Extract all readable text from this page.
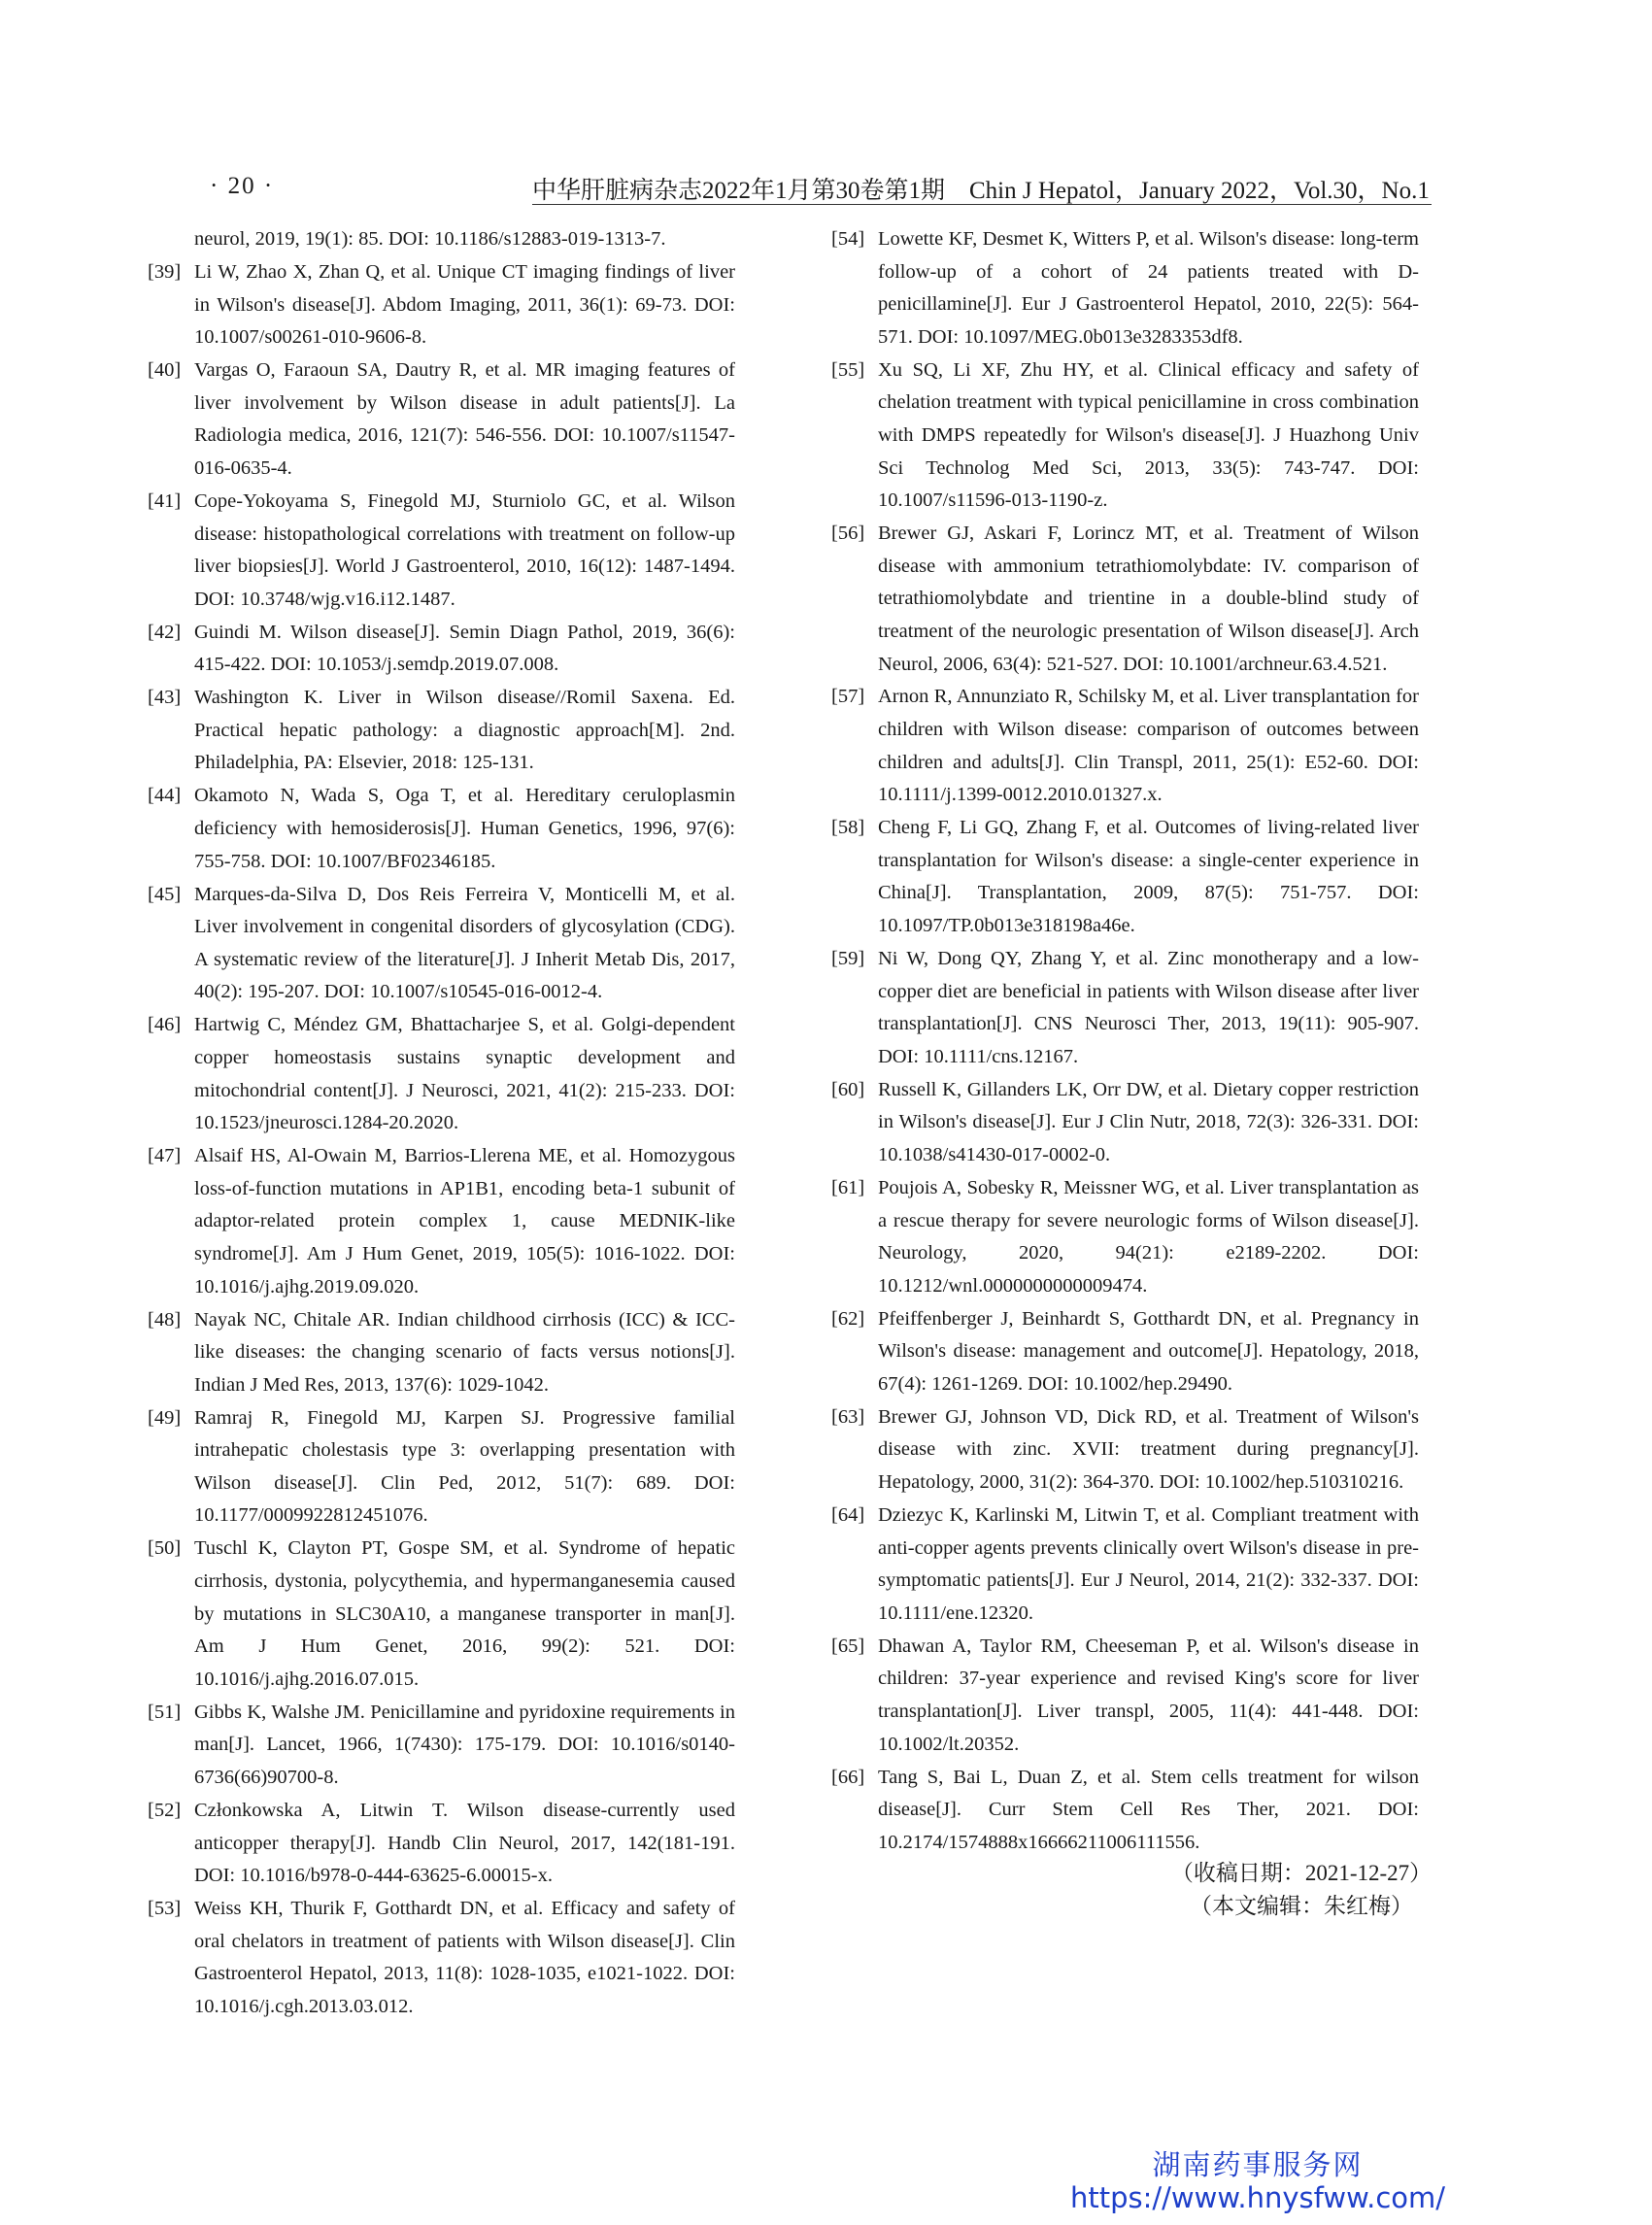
· 20 ·	中华肝脏病杂志2022年1月第30卷第1期　Chin J Hepatol，January 2022，Vol.30，No.1
neurol, 2019, 19(1): 85. DOI: 10.1186/s12883-019-1313-7.
[39] Li W, Zhao X, Zhan Q, et al. Unique CT imaging findings of liver in Wilson's disease[J]. Abdom Imaging, 2011, 36(1): 69-73. DOI: 10.1007/s00261-010-9606-8.
[40] Vargas O, Faraoun SA, Dautry R, et al. MR imaging features of liver involvement by Wilson disease in adult patients[J]. La Radiologia medica, 2016, 121(7): 546-556. DOI: 10.1007/s11547-016-0635-4.
[41] Cope-Yokoyama S, Finegold MJ, Sturniolo GC, et al. Wilson disease: histopathological correlations with treatment on follow-up liver biopsies[J]. World J Gastroenterol, 2010, 16(12): 1487-1494. DOI: 10.3748/wjg.v16.i12.1487.
[42] Guindi M. Wilson disease[J]. Semin Diagn Pathol, 2019, 36(6): 415-422. DOI: 10.1053/j.semdp.2019.07.008.
[43] Washington K. Liver in Wilson disease//Romil Saxena. Ed. Practical hepatic pathology: a diagnostic approach[M]. 2nd. Philadelphia, PA: Elsevier, 2018: 125-131.
[44] Okamoto N, Wada S, Oga T, et al. Hereditary ceruloplasmin deficiency with hemosiderosis[J]. Human Genetics, 1996, 97(6): 755-758. DOI: 10.1007/BF02346185.
[45] Marques-da-Silva D, Dos Reis Ferreira V, Monticelli M, et al. Liver involvement in congenital disorders of glycosylation (CDG). A systematic review of the literature[J]. J Inherit Metab Dis, 2017, 40(2): 195-207. DOI: 10.1007/s10545-016-0012-4.
[46] Hartwig C, Méndez GM, Bhattacharjee S, et al. Golgi-dependent copper homeostasis sustains synaptic development and mitochondrial content[J]. J Neurosci, 2021, 41(2): 215-233. DOI: 10.1523/jneurosci.1284-20.2020.
[47] Alsaif HS, Al-Owain M, Barrios-Llerena ME, et al. Homozygous loss-of-function mutations in AP1B1, encoding beta-1 subunit of adaptor-related protein complex 1, cause MEDNIK-like syndrome[J]. Am J Hum Genet, 2019, 105(5): 1016-1022. DOI: 10.1016/j.ajhg.2019.09.020.
[48] Nayak NC, Chitale AR. Indian childhood cirrhosis (ICC) & ICC-like diseases: the changing scenario of facts versus notions[J]. Indian J Med Res, 2013, 137(6): 1029-1042.
[49] Ramraj R, Finegold MJ, Karpen SJ. Progressive familial intrahepatic cholestasis type 3: overlapping presentation with Wilson disease[J]. Clin Ped, 2012, 51(7): 689. DOI: 10.1177/0009922812451076.
[50] Tuschl K, Clayton PT, Gospe SM, et al. Syndrome of hepatic cirrhosis, dystonia, polycythemia, and hypermanganesemia caused by mutations in SLC30A10, a manganese transporter in man[J]. Am J Hum Genet, 2016, 99(2): 521. DOI: 10.1016/j.ajhg.2016.07.015.
[51] Gibbs K, Walshe JM. Penicillamine and pyridoxine requirements in man[J]. Lancet, 1966, 1(7430): 175-179. DOI: 10.1016/s0140-6736(66)90700-8.
[52] Członkowska A, Litwin T. Wilson disease-currently used anticopper therapy[J]. Handb Clin Neurol, 2017, 142(181-191. DOI: 10.1016/b978-0-444-63625-6.00015-x.
[53] Weiss KH, Thurik F, Gotthardt DN, et al. Efficacy and safety of oral chelators in treatment of patients with Wilson disease[J]. Clin Gastroenterol Hepatol, 2013, 11(8): 1028-1035, e1021-1022. DOI: 10.1016/j.cgh.2013.03.012.
[54] Lowette KF, Desmet K, Witters P, et al. Wilson's disease: long-term follow-up of a cohort of 24 patients treated with D-penicillamine[J]. Eur J Gastroenterol Hepatol, 2010, 22(5): 564-571. DOI: 10.1097/MEG.0b013e3283353df8.
[55] Xu SQ, Li XF, Zhu HY, et al. Clinical efficacy and safety of chelation treatment with typical penicillamine in cross combination with DMPS repeatedly for Wilson's disease[J]. J Huazhong Univ Sci Technolog Med Sci, 2013, 33(5): 743-747. DOI: 10.1007/s11596-013-1190-z.
[56] Brewer GJ, Askari F, Lorincz MT, et al. Treatment of Wilson disease with ammonium tetrathiomolybdate: IV. comparison of tetrathiomolybdate and trientine in a double-blind study of treatment of the neurologic presentation of Wilson disease[J]. Arch Neurol, 2006, 63(4): 521-527. DOI: 10.1001/archneur.63.4.521.
[57] Arnon R, Annunziato R, Schilsky M, et al. Liver transplantation for children with Wilson disease: comparison of outcomes between children and adults[J]. Clin Transpl, 2011, 25(1): E52-60. DOI: 10.1111/j.1399-0012.2010.01327.x.
[58] Cheng F, Li GQ, Zhang F, et al. Outcomes of living-related liver transplantation for Wilson's disease: a single-center experience in China[J]. Transplantation, 2009, 87(5): 751-757. DOI: 10.1097/TP.0b013e318198a46e.
[59] Ni W, Dong QY, Zhang Y, et al. Zinc monotherapy and a low-copper diet are beneficial in patients with Wilson disease after liver transplantation[J]. CNS Neurosci Ther, 2013, 19(11): 905-907. DOI: 10.1111/cns.12167.
[60] Russell K, Gillanders LK, Orr DW, et al. Dietary copper restriction in Wilson's disease[J]. Eur J Clin Nutr, 2018, 72(3): 326-331. DOI: 10.1038/s41430-017-0002-0.
[61] Poujois A, Sobesky R, Meissner WG, et al. Liver transplantation as a rescue therapy for severe neurologic forms of Wilson disease[J]. Neurology, 2020, 94(21): e2189-2202. DOI: 10.1212/wnl.0000000000009474.
[62] Pfeiffenberger J, Beinhardt S, Gotthardt DN, et al. Pregnancy in Wilson's disease: management and outcome[J]. Hepatology, 2018, 67(4): 1261-1269. DOI: 10.1002/hep.29490.
[63] Brewer GJ, Johnson VD, Dick RD, et al. Treatment of Wilson's disease with zinc. XVII: treatment during pregnancy[J]. Hepatology, 2000, 31(2): 364-370. DOI: 10.1002/hep.510310216.
[64] Dziezyc K, Karlinski M, Litwin T, et al. Compliant treatment with anti-copper agents prevents clinically overt Wilson's disease in pre-symptomatic patients[J]. Eur J Neurol, 2014, 21(2): 332-337. DOI: 10.1111/ene.12320.
[65] Dhawan A, Taylor RM, Cheeseman P, et al. Wilson's disease in children: 37-year experience and revised King's score for liver transplantation[J]. Liver transpl, 2005, 11(4): 441-448. DOI: 10.1002/lt.20352.
[66] Tang S, Bai L, Duan Z, et al. Stem cells treatment for wilson disease[J]. Curr Stem Cell Res Ther, 2021. DOI: 10.2174/1574888x16666211006111556.
（收稿日期：2021-12-27）
（本文编辑：朱红梅）
湖南药事服务网
https://www.hnysfww.com/
